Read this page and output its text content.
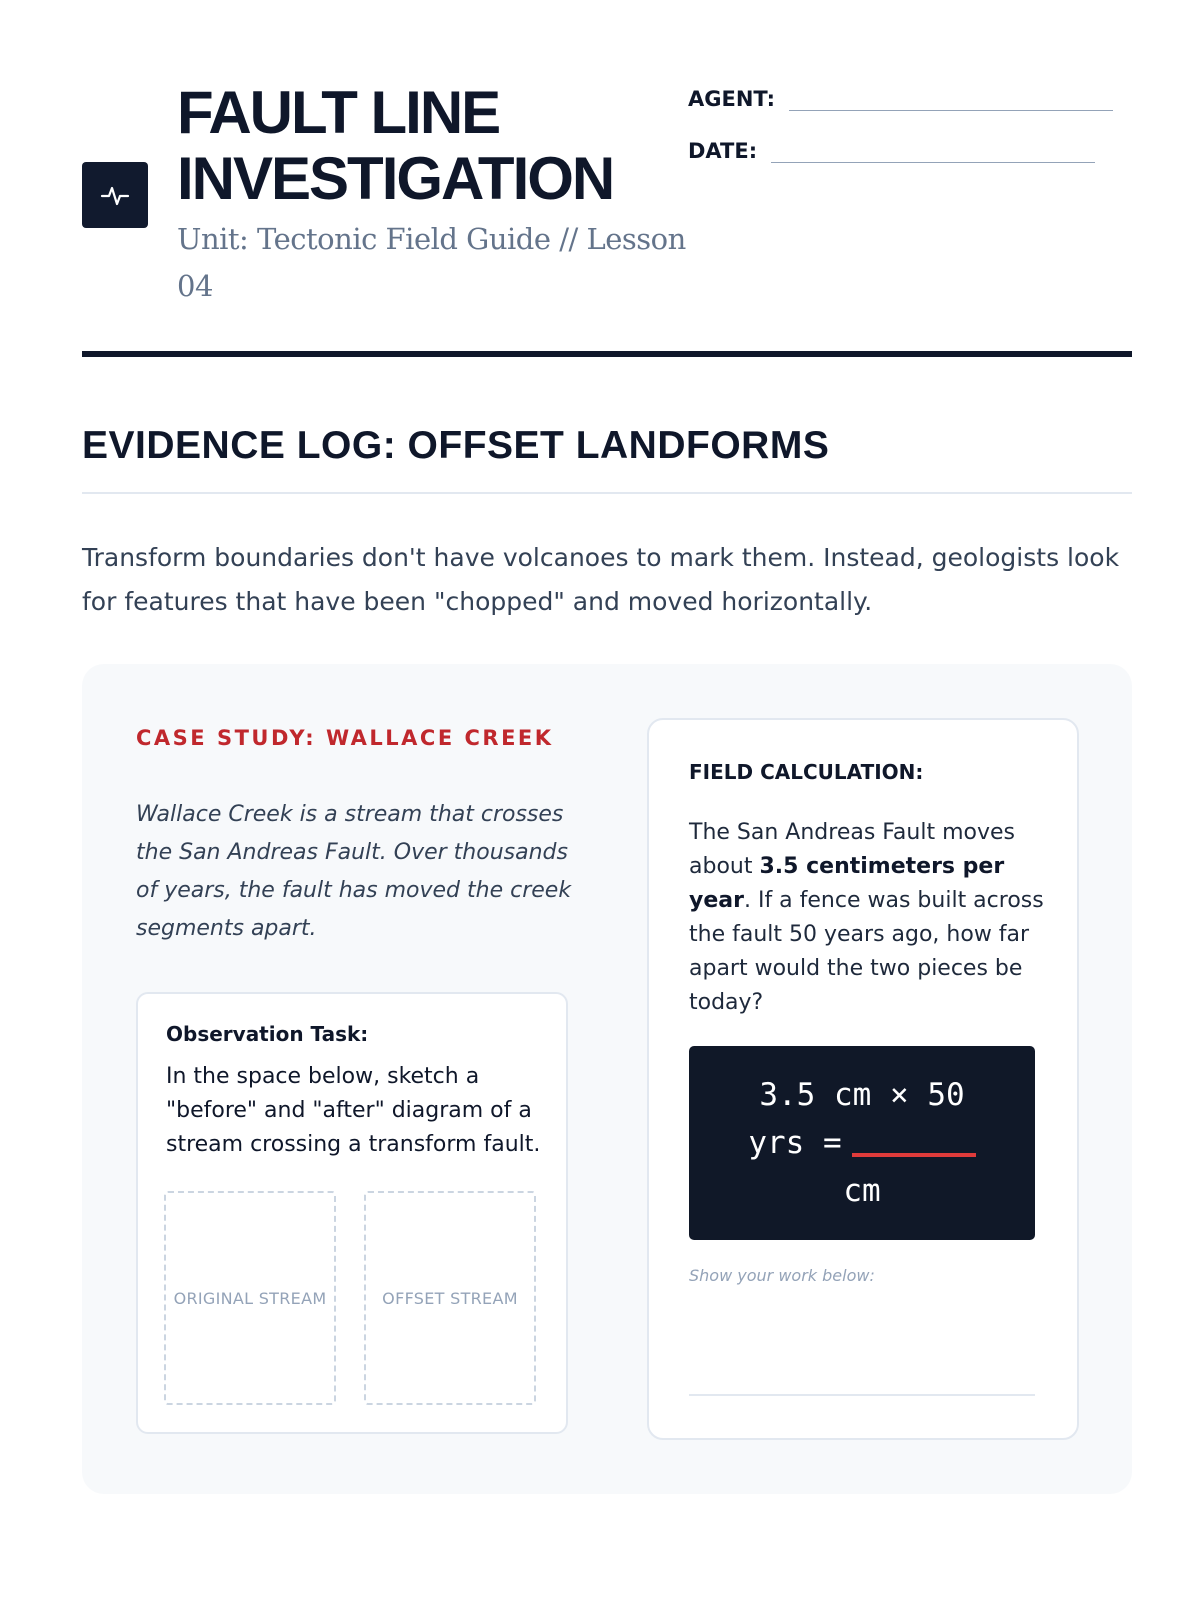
FAULT LINE
INVESTIGATION
Unit: Tectonic Field Guide // Lesson 04
AGENT:
DATE:
EVIDENCE LOG: OFFSET LANDFORMS

Transform boundaries don't have volcanoes to mark them. Instead, geologists look for features that have been "chopped" and moved horizontally.

CASE STUDY: WALLACE CREEK

Wallace Creek is a stream that crosses the San Andreas Fault. Over thousands of years, the fault has moved the creek segments apart.

Observation Task:
In the space below, sketch a "before" and "after" diagram of a stream crossing a transform fault.
ORIGINAL STREAM	OFFSET STREAM
FIELD CALCULATION:
The San Andreas Fault moves about 3.5 centimeters per year. If a fence was built across the fault 50 years ago, how far apart would the two pieces be today?
3.5 cm × 50
yrs =
cm
Show your work below:
